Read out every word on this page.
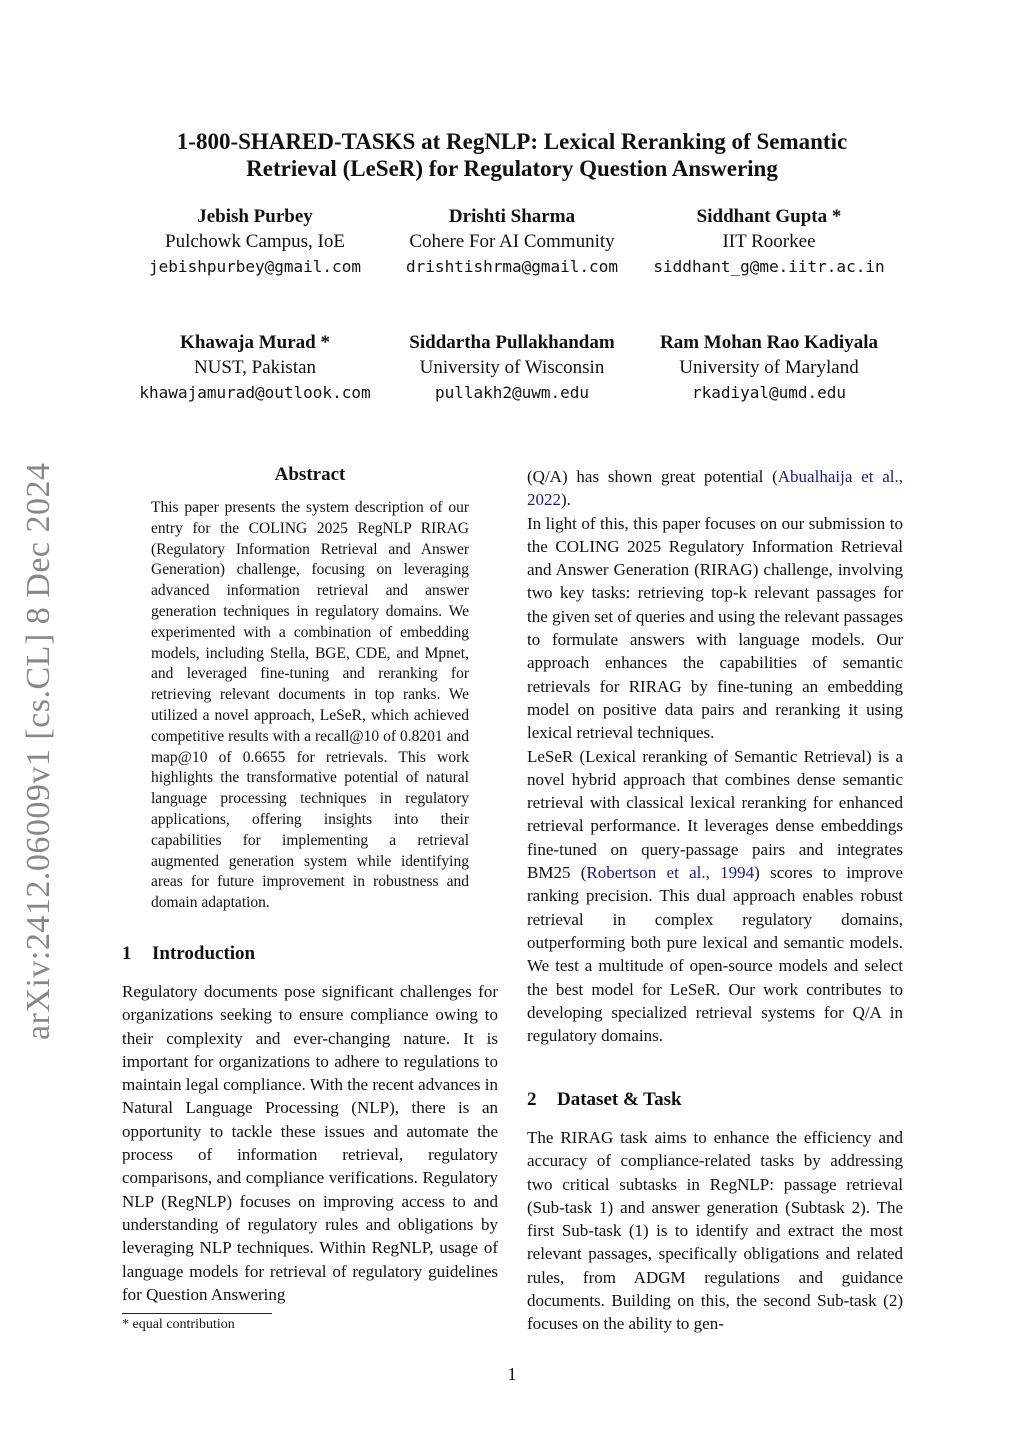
1-800-SHARED-TASKS at RegNLP: Lexical Reranking of Semantic
Retrieval (LeSeR) for Regulatory Question Answering
Jebish Purbey
Pulchowk Campus, IoE
jebishpurbey@gmail.com
Drishti Sharma
Cohere For AI Community
drishtishrma@gmail.com
Siddhant Gupta *
IIT Roorkee
siddhant_g@me.iitr.ac.in
Khawaja Murad *
NUST, Pakistan
khawajamurad@outlook.com
Siddartha Pullakhandam
University of Wisconsin
pullakh2@uwm.edu
Ram Mohan Rao Kadiyala
University of Maryland
rkadiyal@umd.edu
arXiv:2412.06009v1 [cs.CL] 8 Dec 2024	Abstract
This paper presents the system description of our entry for the COLING 2025 RegNLP RIRAG (Regulatory Information Retrieval and Answer Generation) challenge, focusing on leveraging advanced information retrieval and answer generation techniques in regulatory domains. We experimented with a combination of embedding models, including Stella, BGE, CDE, and Mpnet, and leveraged fine-tuning and reranking for retrieving relevant documents in top ranks. We utilized a novel approach, LeSeR, which achieved competitive results with a recall@10 of 0.8201 and map@10 of 0.6655 for retrievals. This work highlights the transformative potential of natural language processing techniques in regulatory applications, offering insights into their capabilities for implementing a retrieval augmented generation system while identifying areas for future improvement in robustness and domain adaptation.
1 Introduction
Regulatory documents pose significant challenges for organizations seeking to ensure compliance owing to their complexity and ever-changing nature. It is important for organizations to adhere to regulations to maintain legal compliance. With the recent advances in Natural Language Processing (NLP), there is an opportunity to tackle these issues and automate the process of information retrieval, regulatory comparisons, and compliance verifications. Regulatory NLP (RegNLP) focuses on improving access to and understanding of regulatory rules and obligations by leveraging NLP techniques. Within RegNLP, usage of language models for retrieval of regulatory guidelines for Question Answering

(Q/A) has shown great potential (Abualhaija et al., 2022).

In light of this, this paper focuses on our submission to the COLING 2025 Regulatory Information Retrieval and Answer Generation (RIRAG) challenge, involving two key tasks: retrieving top-k relevant passages for the given set of queries and using the relevant passages to formulate answers with language models. Our approach enhances the capabilities of semantic retrievals for RIRAG by fine-tuning an embedding model on positive data pairs and reranking it using lexical retrieval techniques.

LeSeR (Lexical reranking of Semantic Retrieval) is a novel hybrid approach that combines dense semantic retrieval with classical lexical reranking for enhanced retrieval performance. It leverages dense embeddings fine-tuned on query-passage pairs and integrates BM25 (Robertson et al., 1994) scores to improve ranking precision. This dual approach enables robust retrieval in complex regulatory domains, outperforming both pure lexical and semantic models. We test a multitude of open-source models and select the best model for LeSeR. Our work contributes to developing specialized retrieval systems for Q/A in regulatory domains.

2 Dataset & Task
The RIRAG task aims to enhance the efficiency and accuracy of compliance-related tasks by addressing two critical subtasks in RegNLP: passage retrieval (Sub-task 1) and answer generation (Subtask 2). The first Sub-task (1) is to identify and extract the most relevant passages, specifically obligations and related rules, from ADGM regulations and guidance documents. Building on this, the second Sub-task (2) focuses on the ability to gen-
* equal contribution
1
